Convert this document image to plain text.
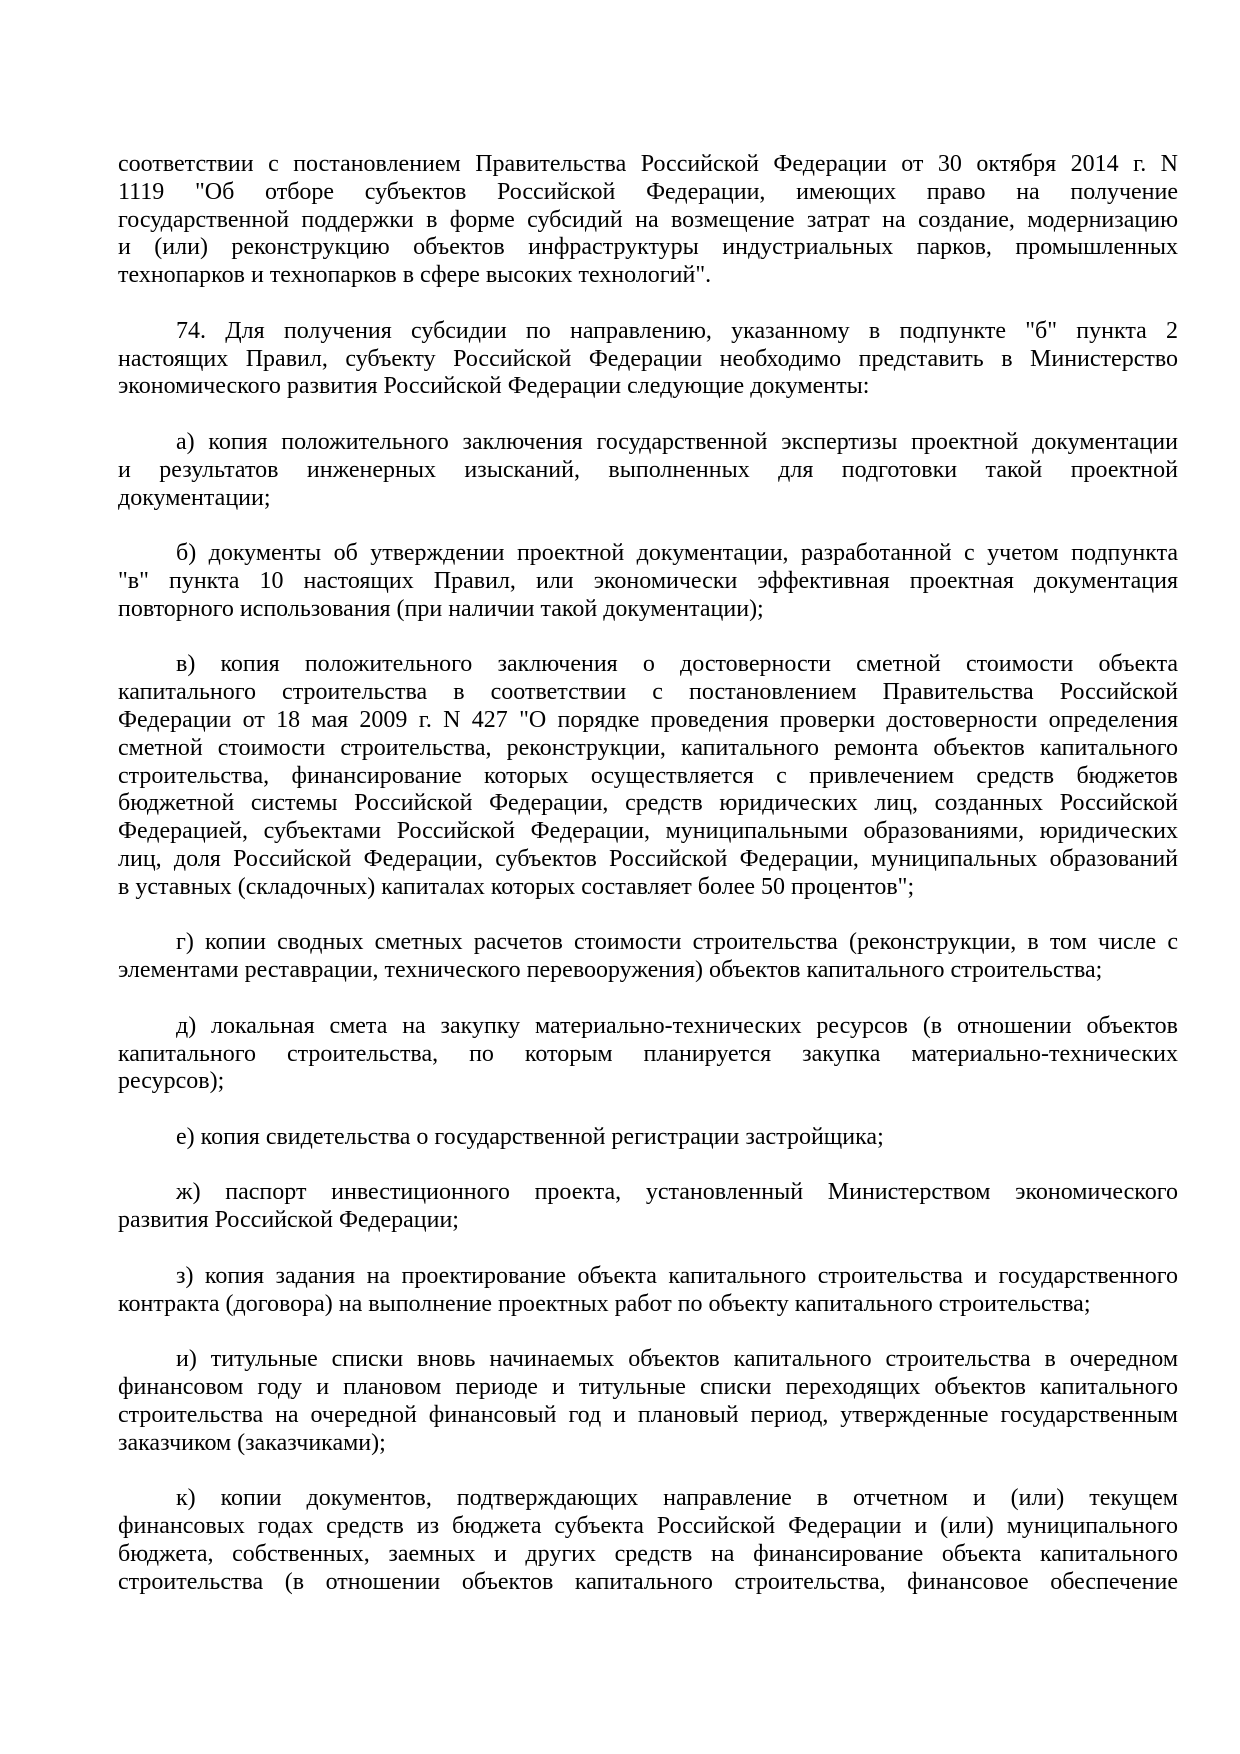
соответствии с постановлением Правительства Российской Федерации от 30 октября 2014 г. N
1119 "Об отборе субъектов Российской Федерации, имеющих право на получение
государственной поддержки в форме субсидий на возмещение затрат на создание, модернизацию
и (или) реконструкцию объектов инфраструктуры индустриальных парков, промышленных
технопарков и технопарков в сфере высоких технологий".
74. Для получения субсидии по направлению, указанному в подпункте "б" пункта 2
настоящих Правил, субъекту Российской Федерации необходимо представить в Министерство
экономического развития Российской Федерации следующие документы:
а) копия положительного заключения государственной экспертизы проектной документации
и результатов инженерных изысканий, выполненных для подготовки такой проектной
документации;
б) документы об утверждении проектной документации, разработанной с учетом подпункта
"в" пункта 10 настоящих Правил, или экономически эффективная проектная документация
повторного использования (при наличии такой документации);
в) копия положительного заключения о достоверности сметной стоимости объекта
капитального строительства в соответствии с постановлением Правительства Российской
Федерации от 18 мая 2009 г. N 427 "О порядке проведения проверки достоверности определения
сметной стоимости строительства, реконструкции, капитального ремонта объектов капитального
строительства, финансирование которых осуществляется с привлечением средств бюджетов
бюджетной системы Российской Федерации, средств юридических лиц, созданных Российской
Федерацией, субъектами Российской Федерации, муниципальными образованиями, юридических
лиц, доля Российской Федерации, субъектов Российской Федерации, муниципальных образований
в уставных (складочных) капиталах которых составляет более 50 процентов";
г) копии сводных сметных расчетов стоимости строительства (реконструкции, в том числе с
элементами реставрации, технического перевооружения) объектов капитального строительства;
д) локальная смета на закупку материально-технических ресурсов (в отношении объектов
капитального строительства, по которым планируется закупка материально-технических
ресурсов);
е) копия свидетельства о государственной регистрации застройщика;
ж) паспорт инвестиционного проекта, установленный Министерством экономического
развития Российской Федерации;
з) копия задания на проектирование объекта капитального строительства и государственного
контракта (договора) на выполнение проектных работ по объекту капитального строительства;
и) титульные списки вновь начинаемых объектов капитального строительства в очередном
финансовом году и плановом периоде и титульные списки переходящих объектов капитального
строительства на очередной финансовый год и плановый период, утвержденные государственным
заказчиком (заказчиками);
к) копии документов, подтверждающих направление в отчетном и (или) текущем
финансовых годах средств из бюджета субъекта Российской Федерации и (или) муниципального
бюджета, собственных, заемных и других средств на финансирование объекта капитального
строительства (в отношении объектов капитального строительства, финансовое обеспечение
